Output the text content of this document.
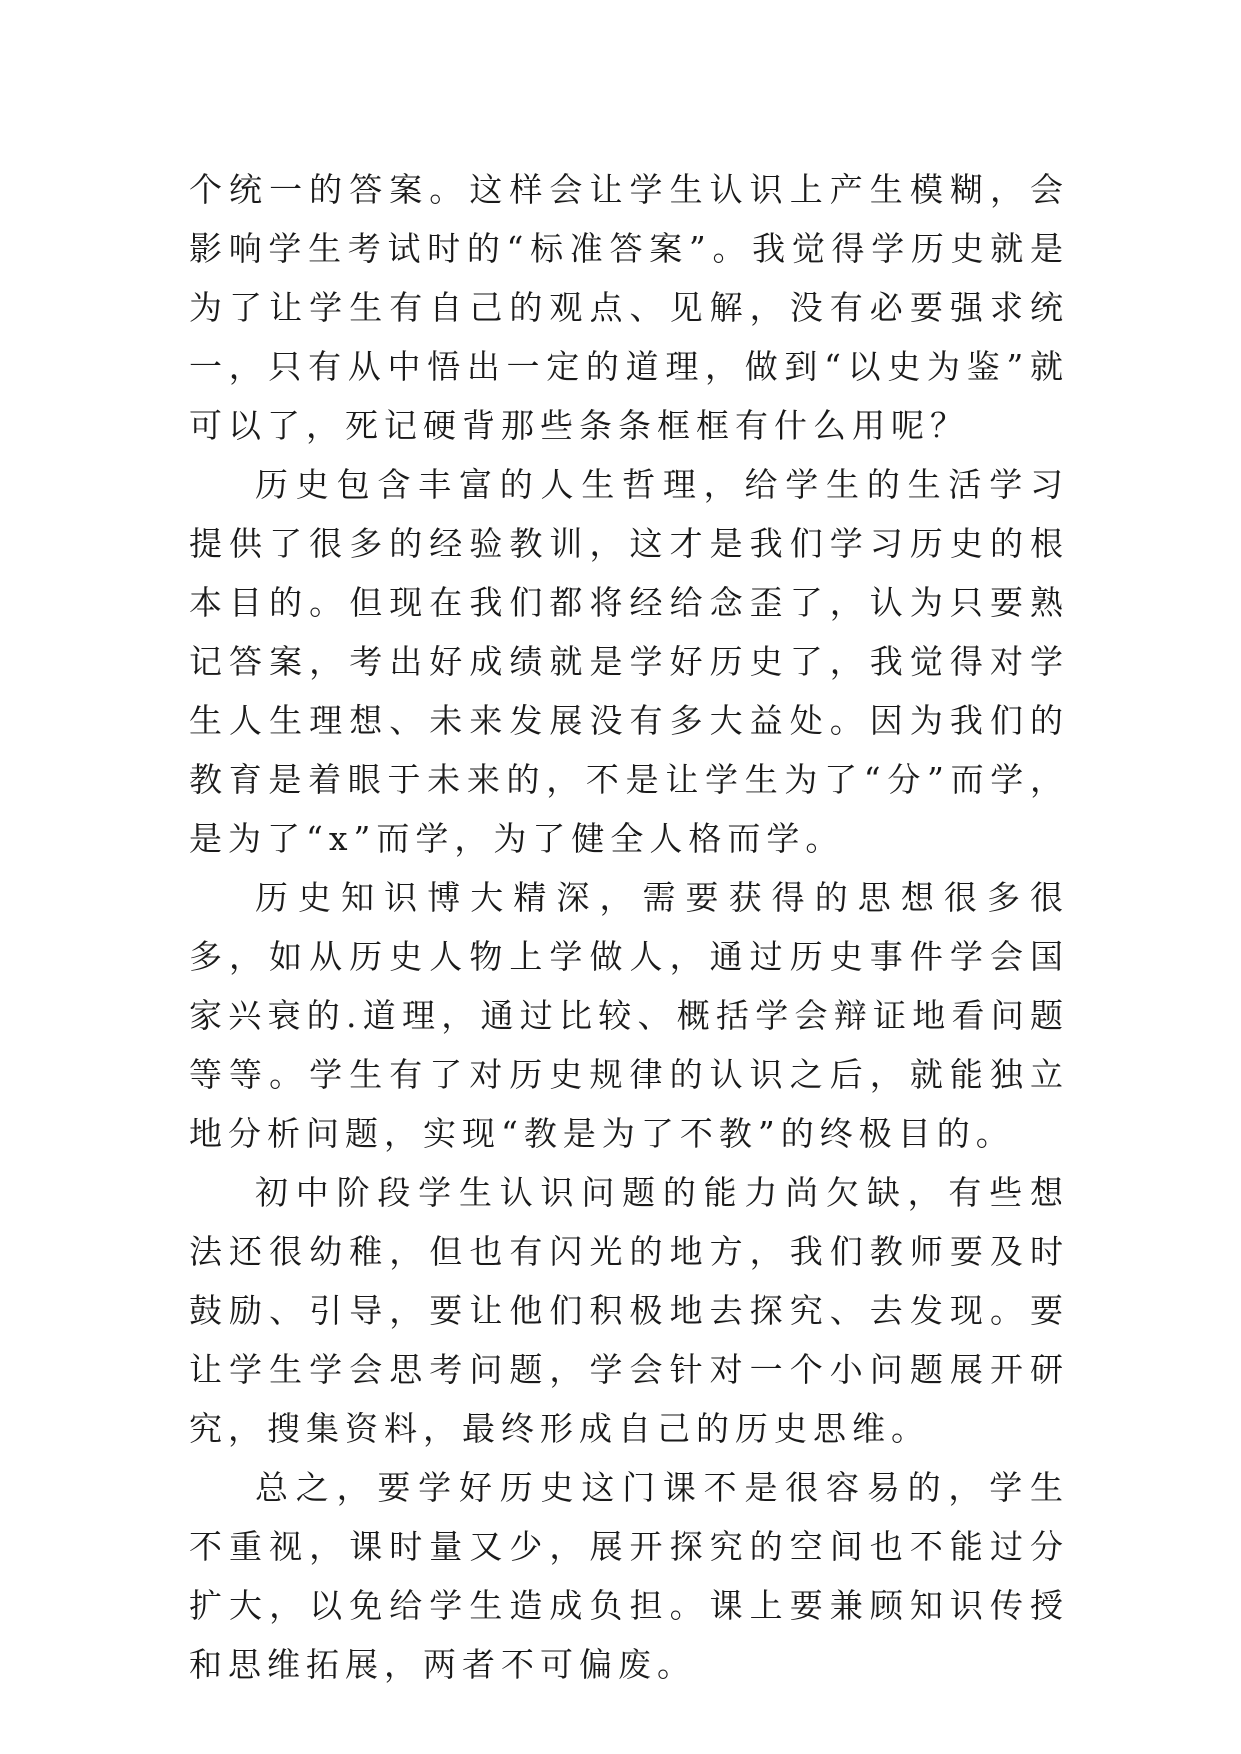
个统一的答案。这样会让学生认识上产生模糊，会影响学生考试时的“标准答案”。我觉得学历史就是为了让学生有自己的观点、见解，没有必要强求统一，只有从中悟出一定的道理，做到“以史为鉴”就可以了，死记硬背那些条条框框有什么用呢？

历史包含丰富的人生哲理，给学生的生活学习提供了很多的经验教训，这才是我们学习历史的根本目的。但现在我们都将经给念歪了，认为只要熟记答案，考出好成绩就是学好历史了，我觉得对学生人生理想、未来发展没有多大益处。因为我们的教育是着眼于未来的，不是让学生为了“分”而学，是为了“x”而学，为了健全人格而学。

历史知识博大精深，需要获得的思想很多很多，如从历史人物上学做人，通过历史事件学会国家兴衰的.道理，通过比较、概括学会辩证地看问题等等。学生有了对历史规律的认识之后，就能独立地分析问题，实现“教是为了不教”的终极目的。

初中阶段学生认识问题的能力尚欠缺，有些想法还很幼稚，但也有闪光的地方，我们教师要及时鼓励、引导，要让他们积极地去探究、去发现。要让学生学会思考问题，学会针对一个小问题展开研究，搜集资料，最终形成自己的历史思维。

总之，要学好历史这门课不是很容易的，学生不重视，课时量又少，展开探究的空间也不能过分扩大，以免给学生造成负担。课上要兼顾知识传授和思维拓展，两者不可偏废。
